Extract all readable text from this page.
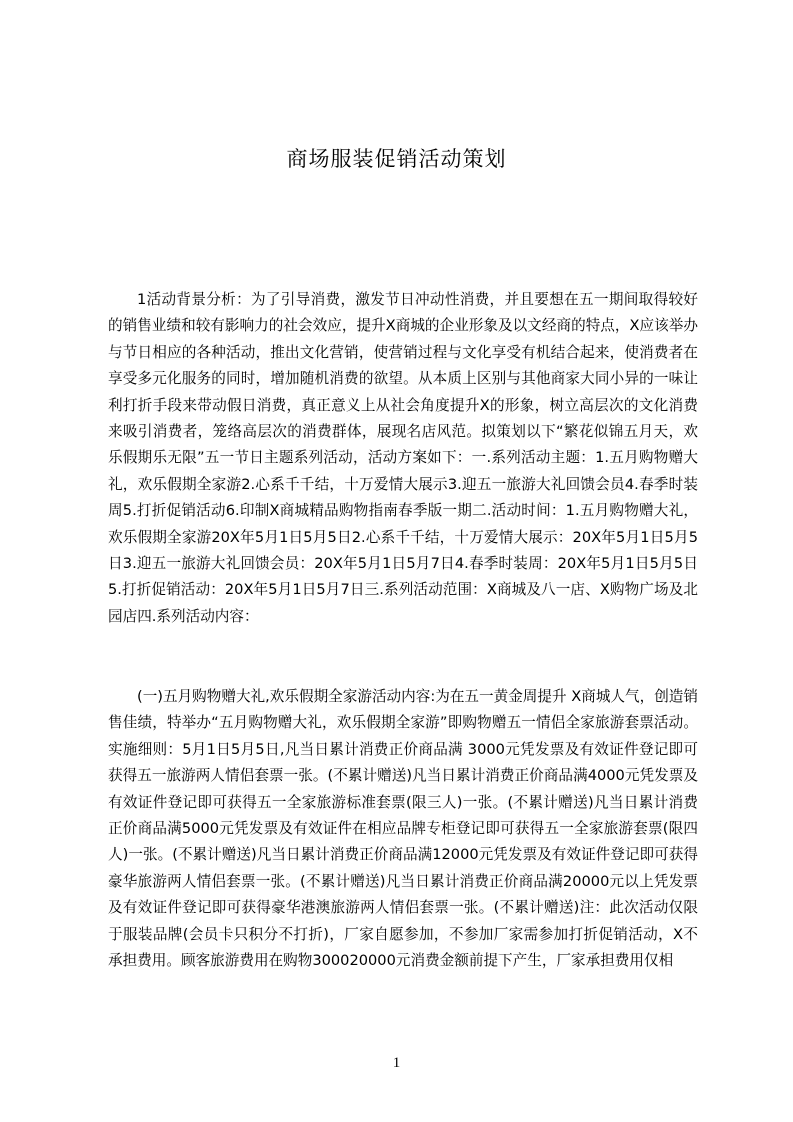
商场服装促销活动策划

1活动背景分析：为了引导消费，激发节日冲动性消费，并且要想在五一期间取得较好的销售业绩和较有影响力的社会效应，提升X商城的企业形象及以文经商的特点，X应该举办与节日相应的各种活动，推出文化营销，使营销过程与文化享受有机结合起来，使消费者在享受多元化服务的同时，增加随机消费的欲望。从本质上区别与其他商家大同小异的一味让利打折手段来带动假日消费，真正意义上从社会角度提升X的形象，树立高层次的文化消费来吸引消费者，笼络高层次的消费群体，展现名店风范。拟策划以下“繁花似锦五月天，欢乐假期乐无限”五一节日主题系列活动，活动方案如下：一.系列活动主题：1.五月购物赠大礼，欢乐假期全家游2.心系千千结，十万爱情大展示3.迎五一旅游大礼回馈会员4.春季时装周5.打折促销活动6.印制X商城精品购物指南春季版一期二.活动时间：1.五月购物赠大礼，欢乐假期全家游20X年5月1日5月5日2.心系千千结，十万爱情大展示：20X年5月1日5月5日3.迎五一旅游大礼回馈会员：20X年5月1日5月7日4.春季时装周：20X年5月1日5月5日5.打折促销活动：20X年5月1日5月7日三.系列活动范围：X商城及八一店、X购物广场及北园店四.系列活动内容：

(一)五月购物赠大礼,欢乐假期全家游活动内容:为在五一黄金周提升 X商城人气，创造销售佳绩，特举办“五月购物赠大礼，欢乐假期全家游”即购物赠五一情侣全家旅游套票活动。实施细则：5月1日5月5日,凡当日累计消费正价商品满 3000元凭发票及有效证件登记即可获得五一旅游两人情侣套票一张。(不累计赠送)凡当日累计消费正价商品满4000元凭发票及有效证件登记即可获得五一全家旅游标准套票(限三人)一张。(不累计赠送)凡当日累计消费正价商品满5000元凭发票及有效证件在相应品牌专柜登记即可获得五一全家旅游套票(限四人)一张。(不累计赠送)凡当日累计消费正价商品满12000元凭发票及有效证件登记即可获得豪华旅游两人情侣套票一张。(不累计赠送)凡当日累计消费正价商品满20000元以上凭发票及有效证件登记即可获得豪华港澳旅游两人情侣套票一张。(不累计赠送)注：此次活动仅限于服装品牌(会员卡只积分不打折)，厂家自愿参加，不参加厂家需参加打折促销活动，X不承担费用。顾客旅游费用在购物300020000元消费金额前提下产生，厂家承担费用仅相

1
